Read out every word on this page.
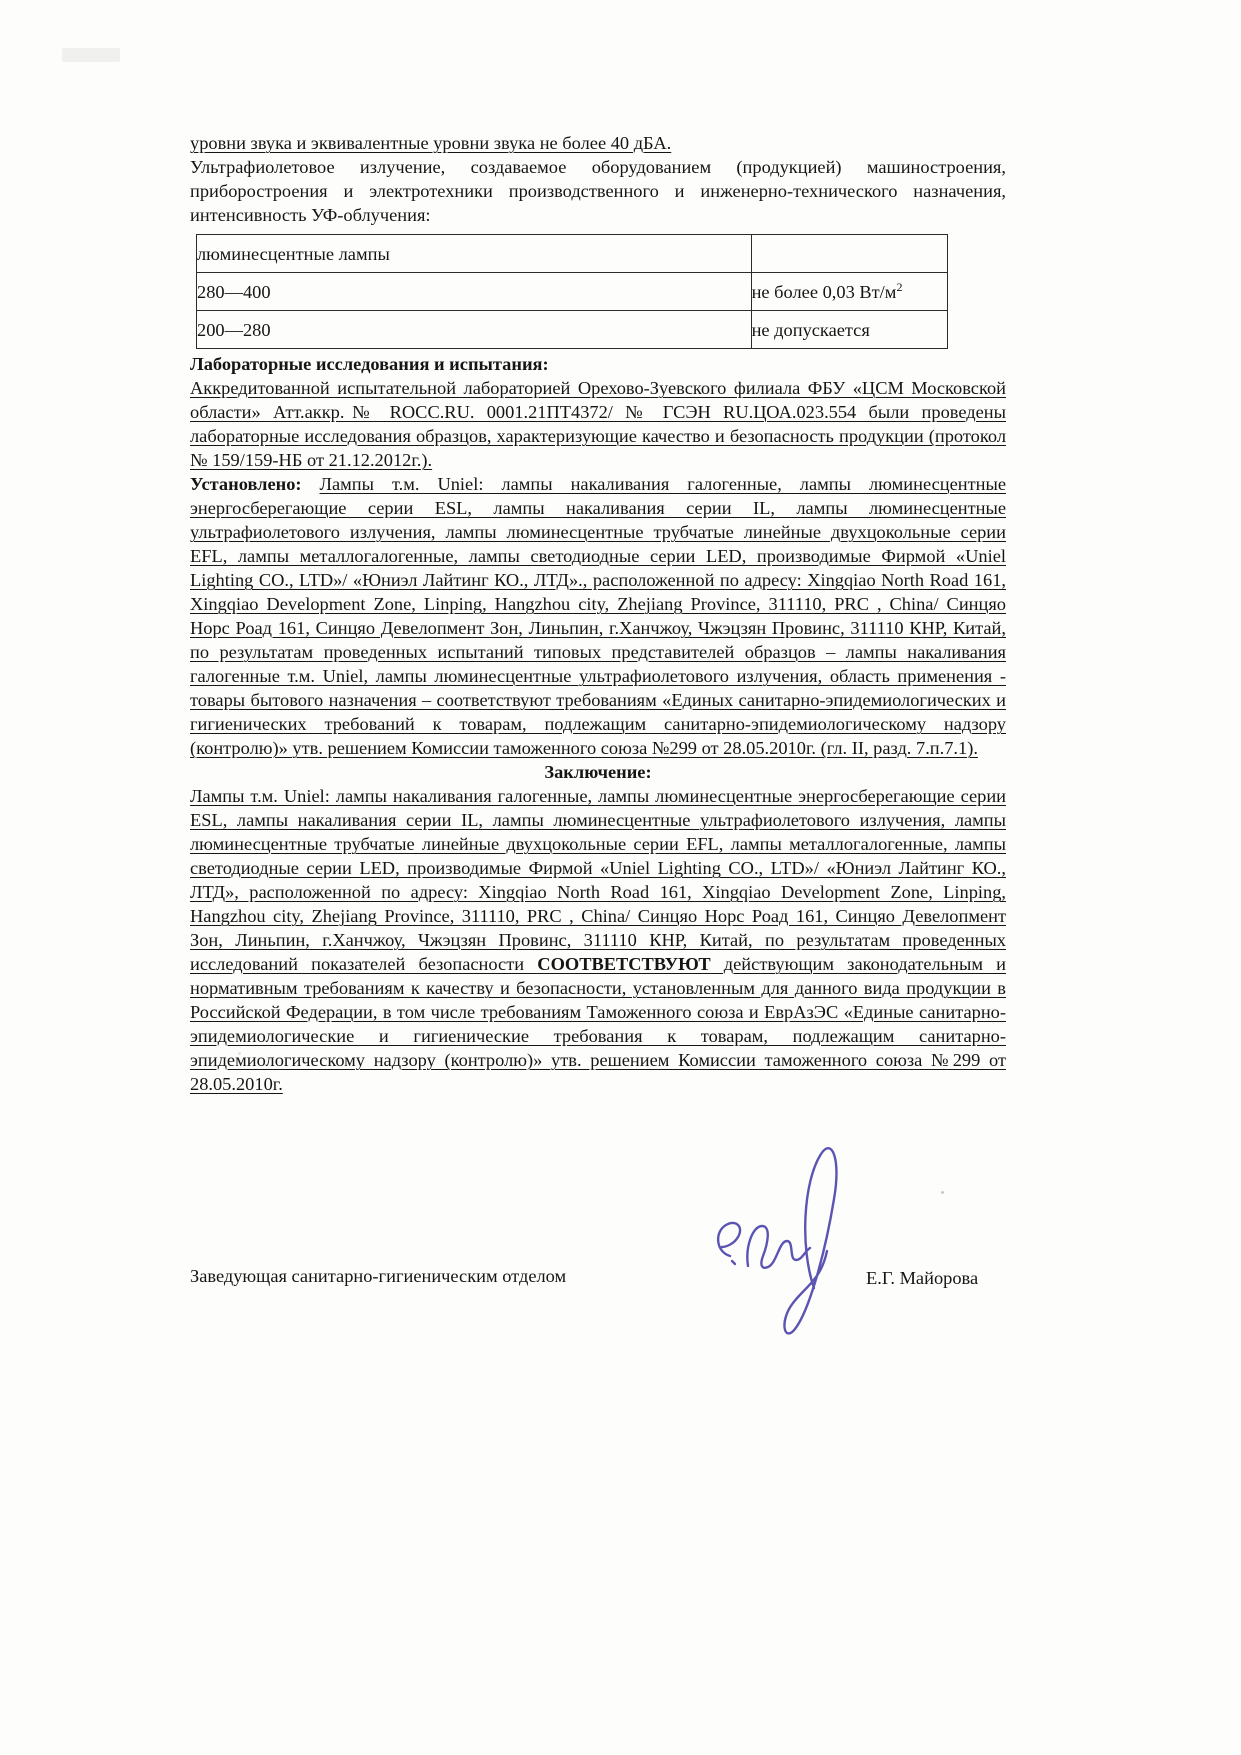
уровни звука и эквивалентные уровни звука не более 40 дБА.

Ультрафиолетовое излучение, создаваемое оборудованием (продукцией) машиностроения, приборостроения и электротехники производственного и инженерно-технического назначения, интенсивность УФ-облучения:

люминесцентные лампы	
280—400	не более 0,03 $Вт/м^2$
200—280	не допускается

Лабораторные исследования и испытания:

Аккредитованной испытательной лабораторией Орехово-Зуевского филиала ФБУ «ЦСМ Московской области» Атт.аккр.№ ROCC.RU. 0001.21ПТ4372/ № ГСЭН RU.ЦОА.023.554 были проведены лабораторные исследования образцов, характеризующие качество и безопасность продукции (протокол № 159/159-НБ от 21.12.2012г.).

Установлено: Лампы т.м. Uniel: лампы накаливания галогенные, лампы люминесцентные энергосберегающие серии ESL, лампы накаливания серии IL, лампы люминесцентные ультрафиолетового излучения, лампы люминесцентные трубчатые линейные двухцокольные серии EFL, лампы металлогалогенные, лампы светодиодные серии LED, производимые Фирмой «Uniel Lighting CO., LTD»/ «Юниэл Лайтинг КО., ЛТД»., расположенной по адресу: Xingqiao North Road 161, Xingqiao Development Zone, Linping, Hangzhou city, Zhejiang Province, 311110, PRC , China/ Синцяо Норс Роад 161, Синцяо Девелопмент Зон, Линьпин, г.Ханчжоу, Чжэцзян Провинс, 311110 КНР, Китай, по результатам проведенных испытаний типовых представителей образцов – лампы накаливания галогенные т.м. Uniel, лампы люминесцентные ультрафиолетового излучения, область применения - товары бытового назначения – соответствуют требованиям «Единых санитарно-эпидемиологических и гигиенических требований к товарам, подлежащим санитарно-эпидемиологическому надзору (контролю)» утв. решением Комиссии таможенного союза №299 от 28.05.2010г. (гл. II, разд. 7.п.7.1).

Заключение:

Лампы т.м. Uniel: лампы накаливания галогенные, лампы люминесцентные энергосберегающие серии ESL, лампы накаливания серии IL, лампы люминесцентные ультрафиолетового излучения, лампы люминесцентные трубчатые линейные двухцокольные серии EFL, лампы металлогалогенные, лампы светодиодные серии LED, производимые Фирмой «Uniel Lighting CO., LTD»/ «Юниэл Лайтинг КО., ЛТД», расположенной по адресу: Xingqiao North Road 161, Xingqiao Development Zone, Linping, Hangzhou city, Zhejiang Province, 311110, PRC , China/ Синцяо Норс Роад 161, Синцяо Девелопмент Зон, Линьпин, г.Ханчжоу, Чжэцзян Провинс, 311110 КНР, Китай, по результатам проведенных исследований показателей безопасности СООТВЕТСТВУЮТ действующим законодательным и нормативным требованиям к качеству и безопасности, установленным для данного вида продукции в Российской Федерации, в том числе требованиям Таможенного союза и ЕврАзЭС «Единые санитарно-эпидемиологические и гигиенические требования к товарам, подлежащим санитарно-эпидемиологическому надзору (контролю)» утв. решением Комиссии таможенного союза №299 от 28.05.2010г.

Заведующая санитарно-гигиеническим отделом	Е.Г. Майорова
